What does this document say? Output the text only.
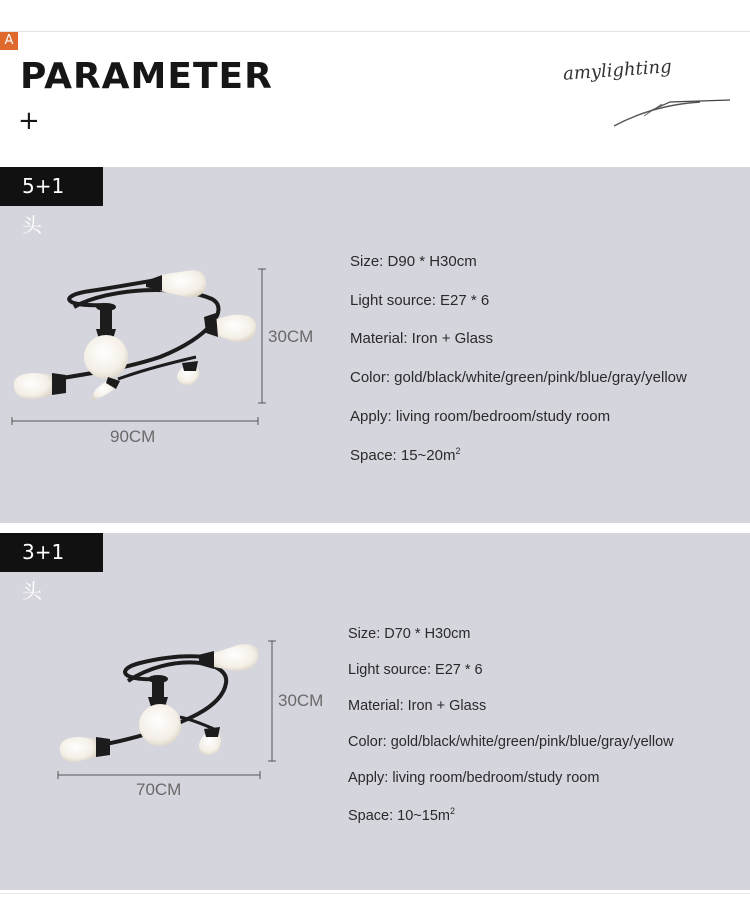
A
PARAMETER
+
amylighting
5+1头
30CM
90CM
Size: D90 * H30cm
Light source: E27 * 6
Material: Iron + Glass
Color: gold/black/white/green/pink/blue/gray/yellow
Apply: living room/bedroom/study room
Space: $15\sim 20m^2$
3+1头
30CM
70CM
Size: D70 * H30cm
Light source: E27 * 6
Material: Iron + Glass
Color: gold/black/white/green/pink/blue/gray/yellow
Apply: living room/bedroom/study room
Space: $10\sim 15m^2$
